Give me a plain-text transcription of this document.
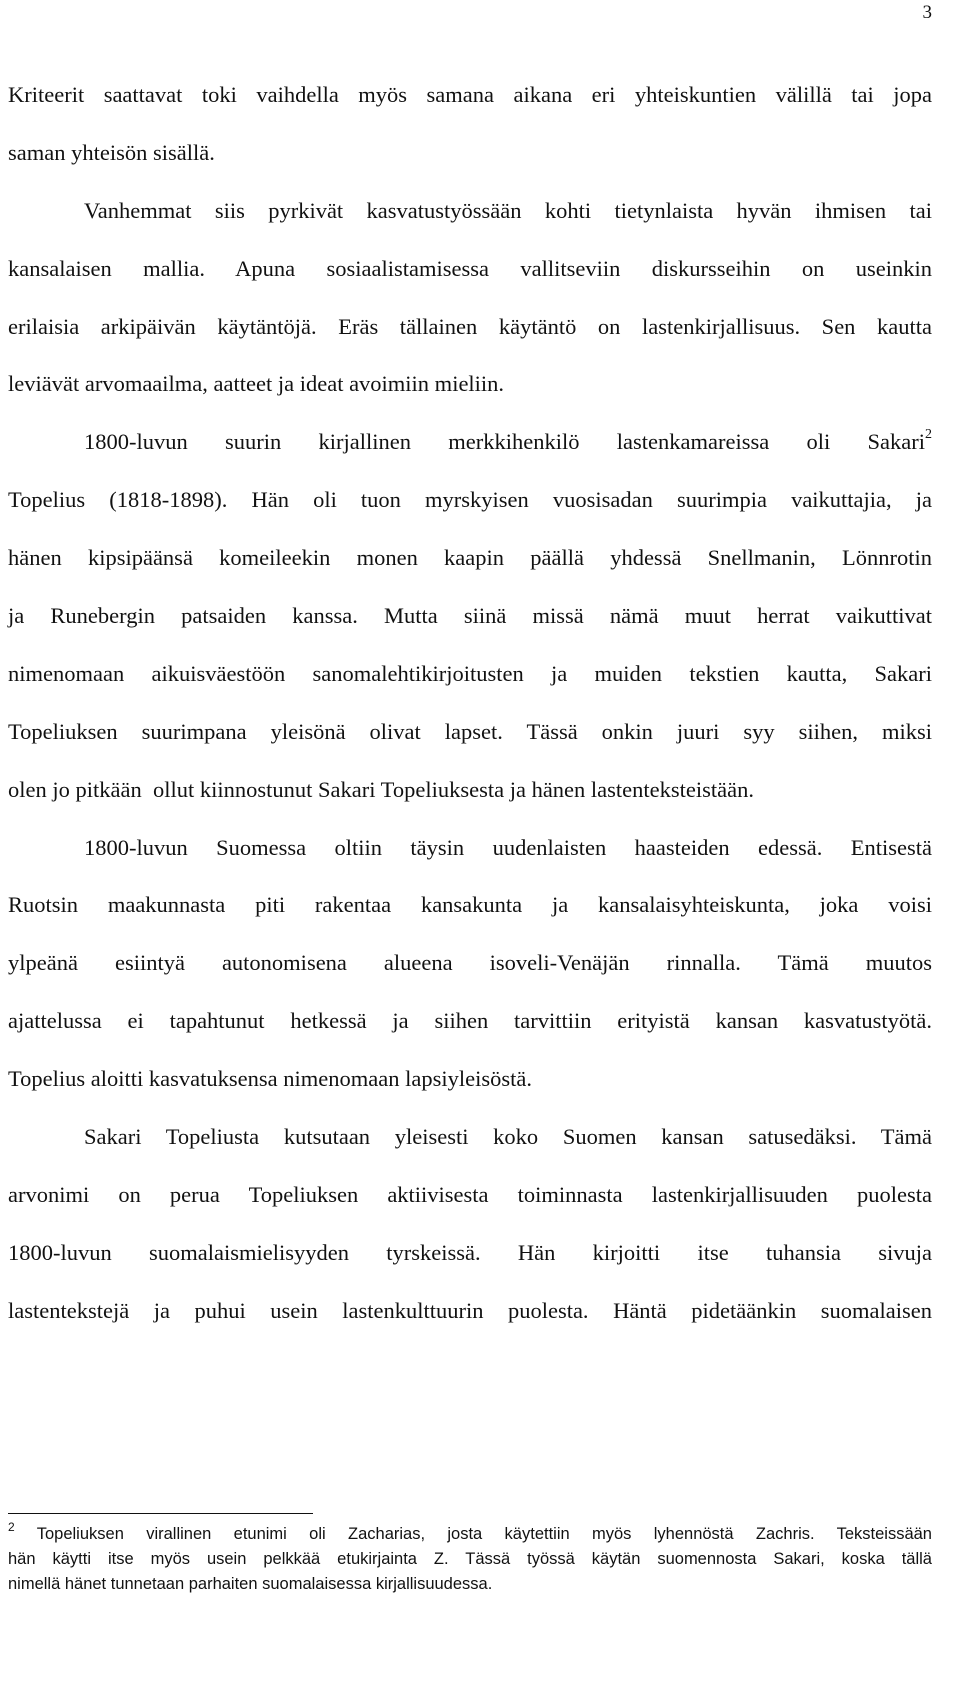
3
Kriteerit saattavat toki vaihdella myös samana aikana eri yhteiskuntien välillä tai jopa
saman yhteisön sisällä.
Vanhemmat siis pyrkivät kasvatustyössään kohti tietynlaista hyvän ihmisen tai
kansalaisen mallia. Apuna sosiaalistamisessa vallitseviin diskursseihin on useinkin
erilaisia arkipäivän käytäntöjä. Eräs tällainen käytäntö on lastenkirjallisuus. Sen kautta
leviävät arvomaailma, aatteet ja ideat avoimiin mieliin.
1800-luvun suurin kirjallinen merkkihenkilö lastenkamareissa oli Sakari$^2$
Topelius (1818-1898). Hän oli tuon myrskyisen vuosisadan suurimpia vaikuttajia, ja
hänen kipsipäänsä komeileekin monen kaapin päällä yhdessä Snellmanin, Lönnrotin
ja Runebergin patsaiden kanssa. Mutta siinä missä nämä muut herrat vaikuttivat
nimenomaan aikuisväestöön sanomalehtikirjoitusten ja muiden tekstien kautta, Sakari
Topeliuksen suurimpana yleisönä olivat lapset. Tässä onkin juuri syy siihen, miksi
olen jo pitkään  ollut kiinnostunut Sakari Topeliuksesta ja hänen lastenteksteistään.
1800-luvun Suomessa oltiin täysin uudenlaisten haasteiden edessä. Entisestä
Ruotsin maakunnasta piti rakentaa kansakunta ja kansalaisyhteiskunta, joka voisi
ylpeänä esiintyä autonomisena alueena isoveli-Venäjän rinnalla. Tämä muutos
ajattelussa ei tapahtunut hetkessä ja siihen tarvittiin erityistä kansan kasvatustyötä.
Topelius aloitti kasvatuksensa nimenomaan lapsiyleisöstä.
Sakari Topeliusta kutsutaan yleisesti koko Suomen kansan satusedäksi. Tämä
arvonimi on perua Topeliuksen aktiivisesta toiminnasta lastenkirjallisuuden puolesta
1800-luvun suomalaismielisyyden tyrskeissä. Hän kirjoitti itse tuhansia sivuja
lastentekstejä ja puhui usein lastenkulttuurin puolesta. Häntä pidetäänkin suomalaisen
$^2$ Topeliuksen virallinen etunimi oli Zacharias, josta käytettiin myös lyhennöstä Zachris. Teksteissään
hän käytti itse myös usein pelkkää etukirjainta Z. Tässä työssä käytän suomennosta Sakari, koska tällä
nimellä hänet tunnetaan parhaiten suomalaisessa kirjallisuudessa.
